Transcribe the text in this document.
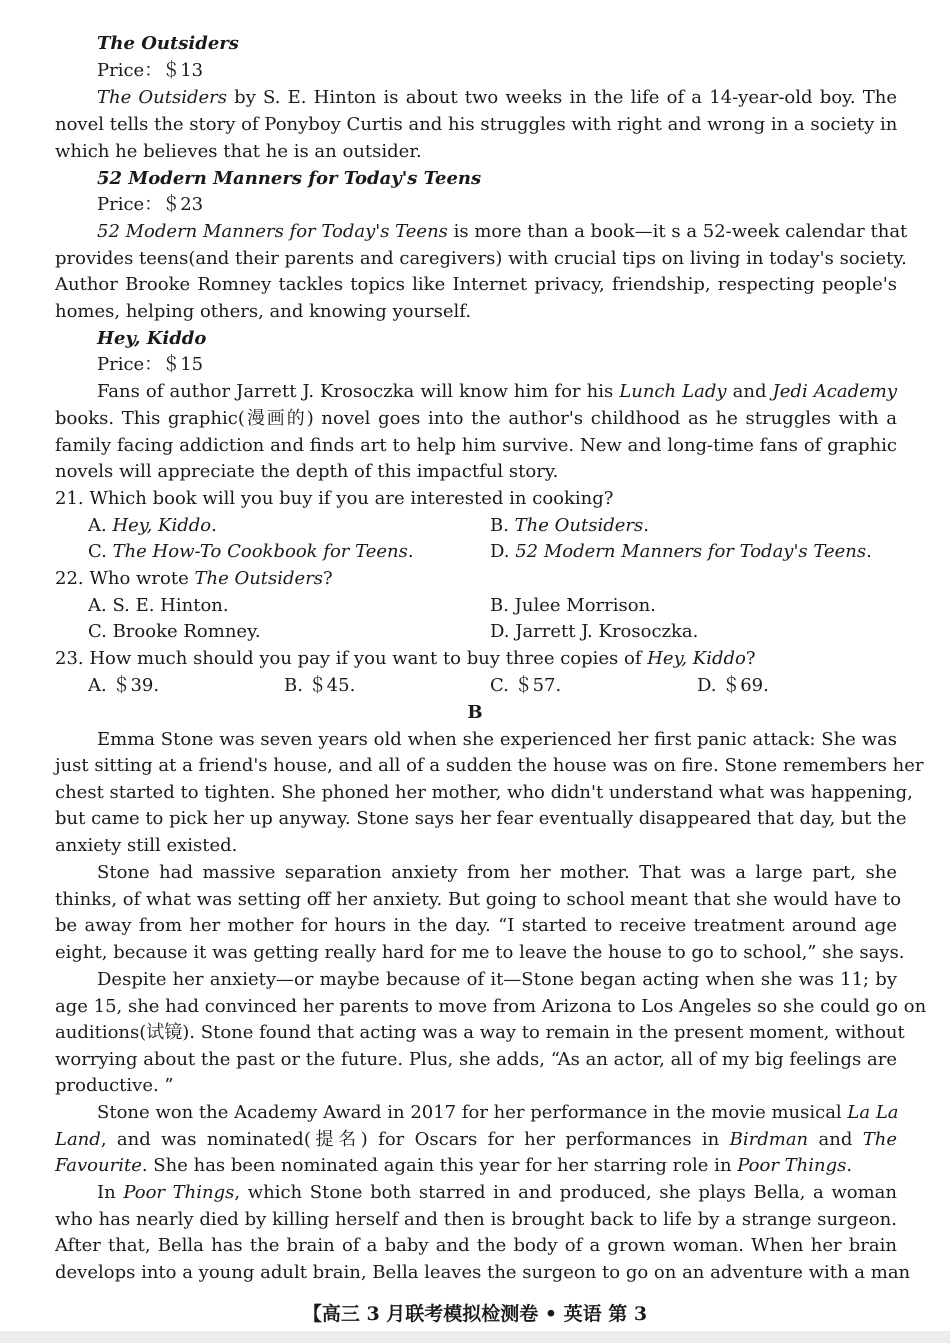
The Outsiders
Price：＄13
The Outsiders by S. E. Hinton is about two weeks in the life of a 14-year-old boy. The
novel tells the story of Ponyboy Curtis and his struggles with right and wrong in a society in
which he believes that he is an outsider.
52 Modern Manners for Today's Teens
Price：＄23
52 Modern Manners for Today's Teens is more than a book—it s a 52-week calendar that
provides teens(and their parents and caregivers) with crucial tips on living in today's society.
Author Brooke Romney tackles topics like Internet privacy, friendship, respecting people's
homes, helping others, and knowing yourself.
Hey, Kiddo
Price：＄15
Fans of author Jarrett J. Krosoczka will know him for his Lunch Lady and Jedi Academy
books. This graphic(漫画的) novel goes into the author's childhood as he struggles with a
family facing addiction and finds art to help him survive. New and long-time fans of graphic
novels will appreciate the depth of this impactful story.
21. Which book will you buy if you are interested in cooking?
A. Hey, Kiddo.	B. The Outsiders.
C. The How-To Cookbook for Teens.	D. 52 Modern Manners for Today's Teens.
22. Who wrote The Outsiders?
A. S. E. Hinton.	B. Julee Morrison.
C. Brooke Romney.	D. Jarrett J. Krosoczka.
23. How much should you pay if you want to buy three copies of Hey, Kiddo?
A. ＄39.	B. ＄45.	C. ＄57.	D. ＄69.
B
Emma Stone was seven years old when she experienced her first panic attack: She was
just sitting at a friend's house, and all of a sudden the house was on fire. Stone remembers her
chest started to tighten. She phoned her mother, who didn't understand what was happening,
but came to pick her up anyway. Stone says her fear eventually disappeared that day, but the
anxiety still existed.
Stone had massive separation anxiety from her mother. That was a large part, she
thinks, of what was setting off her anxiety. But going to school meant that she would have to
be away from her mother for hours in the day. “I started to receive treatment around age
eight, because it was getting really hard for me to leave the house to go to school,” she says.
Despite her anxiety—or maybe because of it—Stone began acting when she was 11; by
age 15, she had convinced her parents to move from Arizona to Los Angeles so she could go on
auditions(试镜). Stone found that acting was a way to remain in the present moment, without
worrying about the past or the future. Plus, she adds, “As an actor, all of my big feelings are
productive. ”
Stone won the Academy Award in 2017 for her performance in the movie musical La La
Land, and was nominated(提名) for Oscars for her performances in Birdman and The
Favourite. She has been nominated again this year for her starring role in Poor Things.
In Poor Things, which Stone both starred in and produced, she plays Bella, a woman
who has nearly died by killing herself and then is brought back to life by a strange surgeon.
After that, Bella has the brain of a baby and the body of a grown woman. When her brain
develops into a young adult brain, Bella leaves the surgeon to go on an adventure with a man
【高三 3 月联考模拟检测卷 • 英语 第 3
